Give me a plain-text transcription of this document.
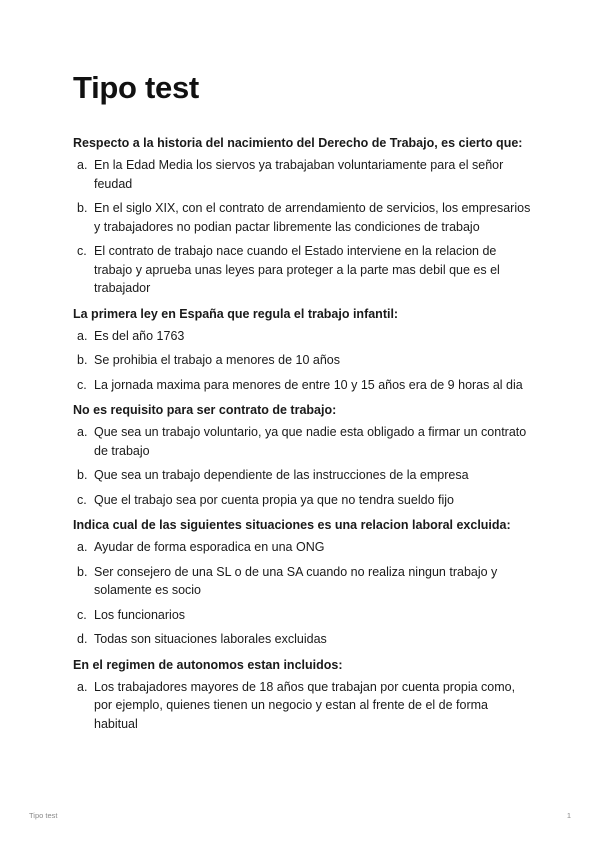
Tipo test

Respecto a la historia del nacimiento del Derecho de Trabajo, es cierto que:

a. En la Edad Media los siervos ya trabajaban voluntariamente para el señor feudad
b. En el siglo XIX, con el contrato de arrendamiento de servicios, los empresarios y trabajadores no podian pactar libremente las condiciones de trabajo
c. El contrato de trabajo nace cuando el Estado interviene en la relacion de trabajo y aprueba unas leyes para proteger a la parte mas debil que es el trabajador

La primera ley en España que regula el trabajo infantil:

a. Es del año 1763
b. Se prohibia el trabajo a menores de 10 años
c. La jornada maxima para menores de entre 10 y 15 años era de 9 horas al dia

No es requisito para ser contrato de trabajo:

a. Que sea un trabajo voluntario, ya que nadie esta obligado a firmar un contrato de trabajo
b. Que sea un trabajo dependiente de las instrucciones de la empresa
c. Que el trabajo sea por cuenta propia ya que no tendra sueldo fijo

Indica cual de las siguientes situaciones es una relacion laboral excluida:

a. Ayudar de forma esporadica en una ONG
b. Ser consejero de una SL o de una SA cuando no realiza ningun trabajo y solamente es socio
c. Los funcionarios
d. Todas son situaciones laborales excluidas

En el regimen de autonomos estan incluidos:

a. Los trabajadores mayores de 18 años que trabajan por cuenta propia como, por ejemplo, quienes tienen un negocio y estan al frente de el de forma habitual
Tipo test	1
